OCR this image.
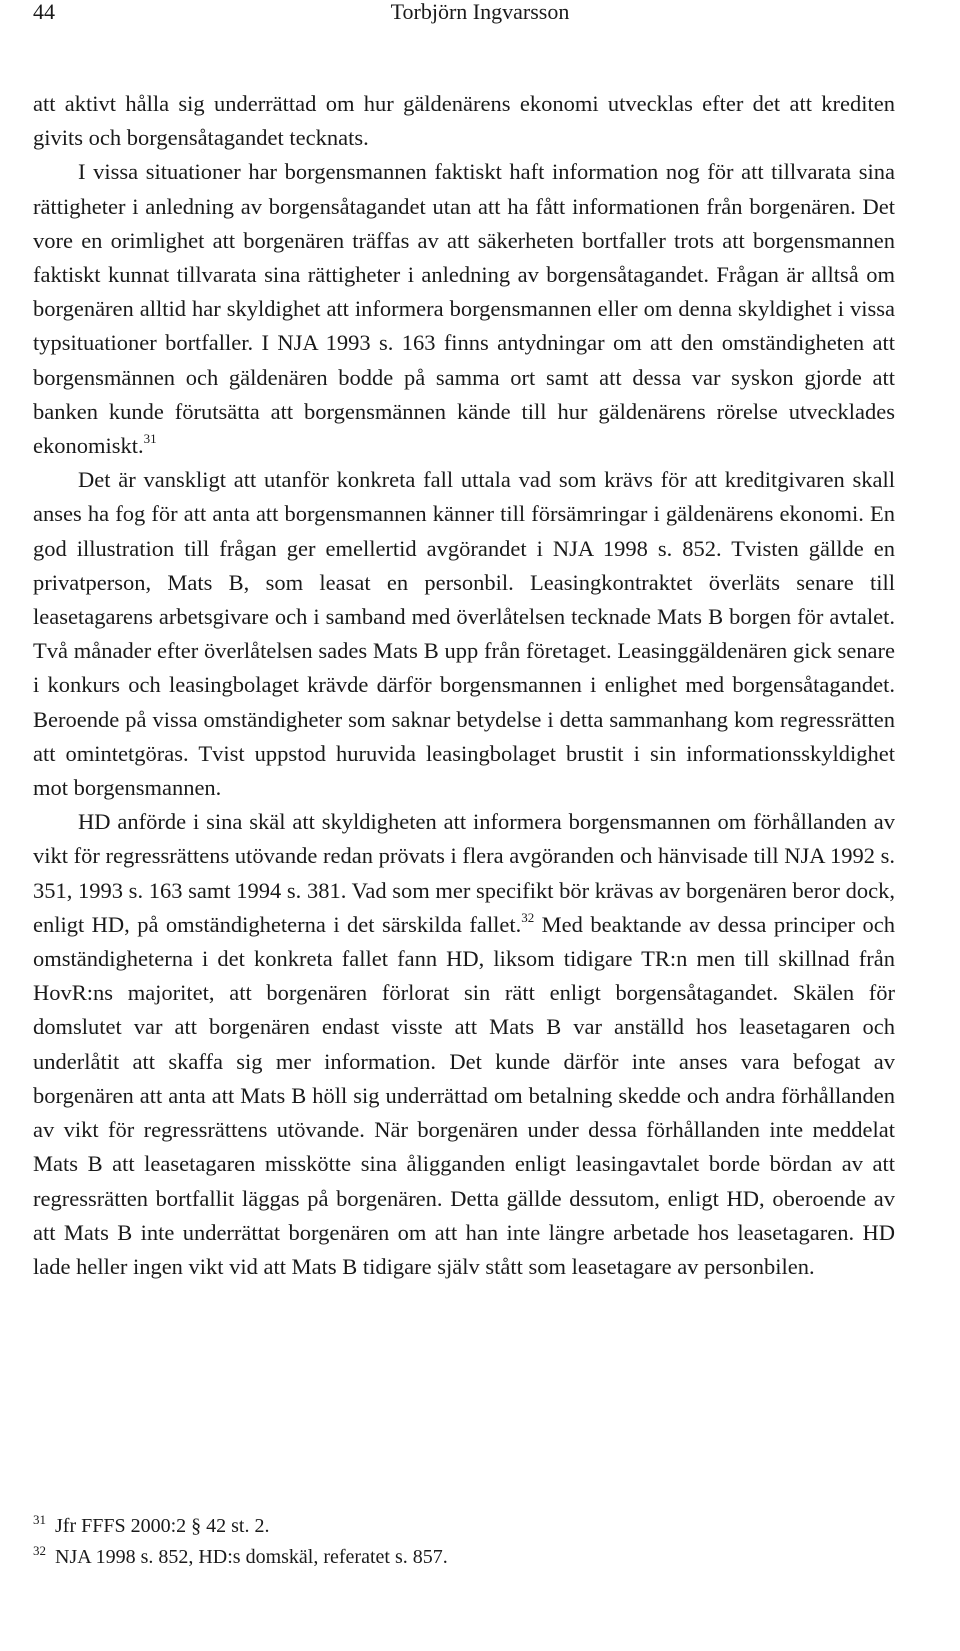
44	Torbjörn Ingvarsson

att aktivt hålla sig underrättad om hur gäldenärens ekonomi utvecklas efter det att krediten givits och borgensåtagandet tecknats.

I vissa situationer har borgensmannen faktiskt haft information nog för att tillvarata sina rättigheter i anledning av borgensåtagandet utan att ha fått informationen från borgenären. Det vore en orimlighet att borgenären träffas av att säkerheten bortfaller trots att borgensmannen faktiskt kunnat tillvarata sina rättigheter i anledning av borgensåtagandet. Frågan är alltså om borgenären alltid har skyldighet att informera borgensmannen eller om denna skyldighet i vissa typsituationer bortfaller. I NJA 1993 s. 163 finns antydningar om att den omständigheten att borgensmännen och gäldenären bodde på samma ort samt att dessa var syskon gjorde att banken kunde förutsätta att borgensmännen kände till hur gäldenärens rörelse utvecklades ekonomiskt.$^{31}$

Det är vanskligt att utanför konkreta fall uttala vad som krävs för att kreditgivaren skall anses ha fog för att anta att borgensmannen känner till försämringar i gäldenärens ekonomi. En god illustration till frågan ger emellertid avgörandet i NJA 1998 s. 852. Tvisten gällde en privatperson, Mats B, som leasat en personbil. Leasingkontraktet överläts senare till leasetagarens arbetsgivare och i samband med överlåtelsen tecknade Mats B borgen för avtalet. Två månader efter överlåtelsen sades Mats B upp från företaget. Leasinggäldenären gick senare i konkurs och leasingbolaget krävde därför borgensmannen i enlighet med borgensåtagandet. Beroende på vissa omständigheter som saknar betydelse i detta sammanhang kom regressrätten att omintetgöras. Tvist uppstod huruvida leasingbolaget brustit i sin informationsskyldighet mot borgensmannen.

HD anförde i sina skäl att skyldigheten att informera borgensmannen om förhållanden av vikt för regressrättens utövande redan prövats i flera avgöranden och hänvisade till NJA 1992 s. 351, 1993 s. 163 samt 1994 s. 381. Vad som mer specifikt bör krävas av borgenären beror dock, enligt HD, på omständigheterna i det särskilda fallet.$^{32}$ Med beaktande av dessa principer och omständigheterna i det konkreta fallet fann HD, liksom tidigare TR:n men till skillnad från HovR:ns majoritet, att borgenären förlorat sin rätt enligt borgensåtagandet. Skälen för domslutet var att borgenären endast visste att Mats B var anställd hos leasetagaren och underlåtit att skaffa sig mer information. Det kunde därför inte anses vara befogat av borgenären att anta att Mats B höll sig underrättad om betalning skedde och andra förhållanden av vikt för regressrättens utövande. När borgenären under dessa förhållanden inte meddelat Mats B att leasetagaren misskötte sina åligganden enligt leasingavtalet borde bördan av att regressrätten bortfallit läggas på borgenären. Detta gällde dessutom, enligt HD, oberoende av att Mats B inte underrättat borgenären om att han inte längre arbetade hos leasetagaren. HD lade heller ingen vikt vid att Mats B tidigare själv stått som leasetagare av personbilen.

31 Jfr FFFS 2000:2 § 42 st. 2.
32 NJA 1998 s. 852, HD:s domskäl, referatet s. 857.
